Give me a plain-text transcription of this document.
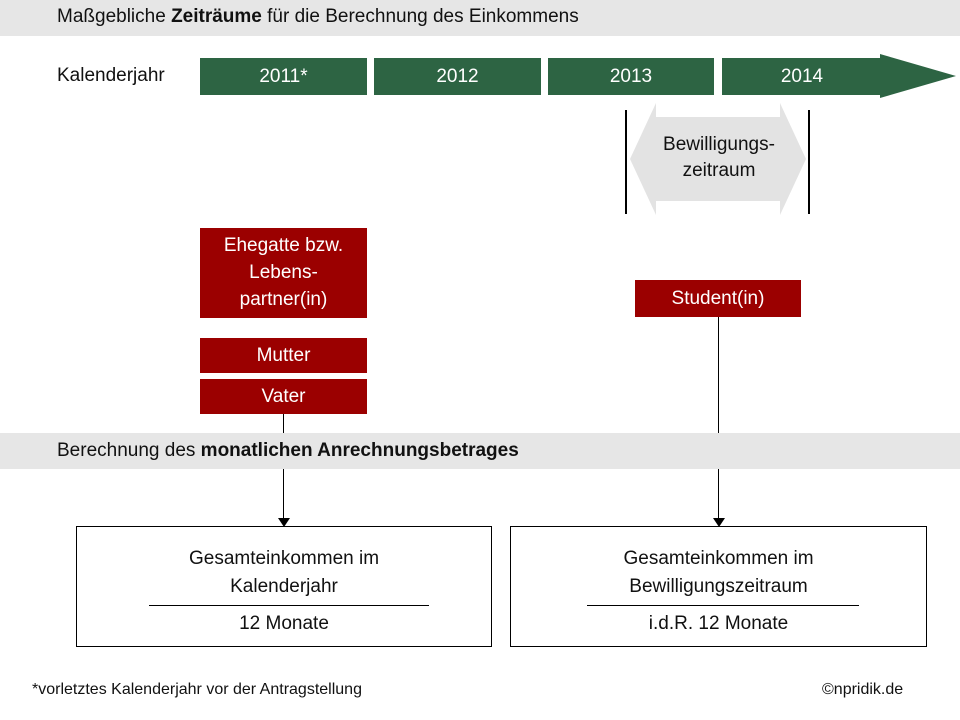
Maßgebliche Zeiträume für die Berechnung des Einkommens
Kalenderjahr	2011*	2012	2013	2014
Bewilligungs-
zeitraum
Ehegatte bzw.
Lebens-
partner(in)
Mutter
Vater
Student(in)
Berechnung des monatlichen Anrechnungsbetrages
Gesamteinkommen im
Kalenderjahr
12 Monate
Gesamteinkommen im
Bewilligungszeitraum
i.d.R. 12 Monate
*vorletztes Kalenderjahr vor der Antragstellung	©npridik.de
